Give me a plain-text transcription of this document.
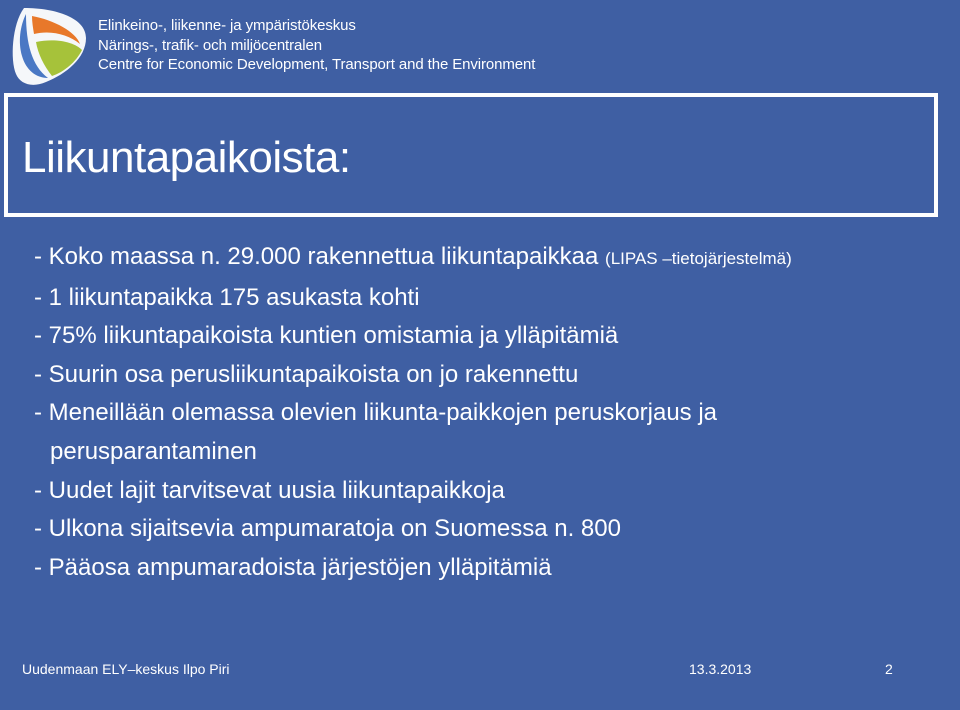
Elinkeino-, liikenne- ja ympäristökeskus
Närings-, trafik- och miljöcentralen
Centre for Economic Development, Transport and the Environment
Liikuntapaikoista:
- Koko maassa n. 29.000 rakennettua liikuntapaikkaa (LIPAS –tietojärjestelmä)
- 1 liikuntapaikka 175 asukasta kohti
- 75% liikuntapaikoista kuntien omistamia ja ylläpitämiä
- Suurin osa perusliikuntapaikoista on jo rakennettu
- Meneillään olemassa olevien liikunta-paikkojen peruskorjaus ja
perusparantaminen
- Uudet lajit tarvitsevat uusia liikuntapaikkoja
- Ulkona sijaitsevia ampumaratoja on Suomessa n. 800
- Pääosa ampumaradoista järjestöjen ylläpitämiä
Uudenmaan ELY–keskus Ilpo Piri	13.3.2013	2
